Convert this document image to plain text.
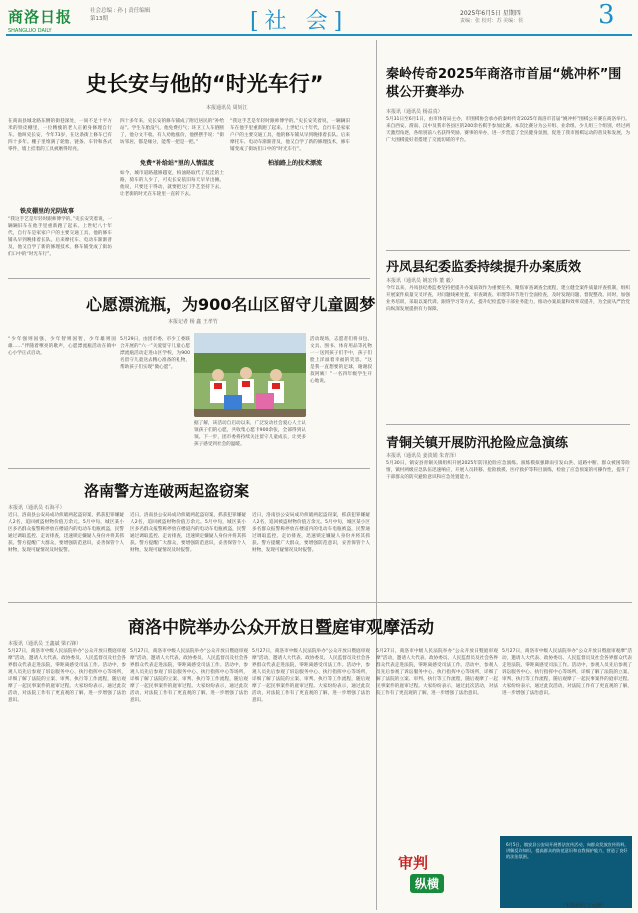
商洛日报
SHANGLUO DAILY
社会总编 : 孙 | 责任编辑
第13期	[社 会]	2025年6月5日 星期四
责编：张 校对：苏 美编：侯	3
史长安与他的“时光车行”
本报通讯员 周钊江
在商南县城北路东侧的街巷深处，一间不足十平方米的铁皮棚里，一位精瘦的老人正俯身修理自行车。他叫史长安，今年73岁，在这条街上修车已有四十多年。棚子里堆满了轮胎、链条、车铃和各式零件，墙上挂着的工具被磨得锃亮。
铁皮棚里的光阴故事
“我这手艺是年轻时跟师傅学的。”史长安笑着说，一辆辆旧车在他手里重新跑了起来。上世纪八十年代，自行车是家家户户的主要交通工具，他的修车铺从早到晚排着长队。后来摩托车、电动车渐渐普及，他又自学了新的修理技术，修车铺变成了街坊们口中的“时光车行”。
四十多年来，史长安的修车铺成了附近居民的“补给站”。学生车胎没气，他免费打气；环卫工人车链断了，他分文不收。有人劝他涨价，他摆摆手说：“街坊邻居，都是缘分，能帮一把是一把。”
免费“补给站”里的人情温度
如今，城市道路越修越宽，柏油路取代了坑洼的土路，骑车的人少了，可史长安依旧每天早早出摊。他说，只要还干得动，就要把这门手艺坚持下去，让老街的时光在车轮里一直转下去。
“我这手艺是年轻时跟师傅学的。”史长安笑着说，一辆辆旧车在他手里重新跑了起来。上世纪八十年代，自行车是家家户户的主要交通工具，他的修车铺从早到晚排着长队。后来摩托车、电动车渐渐普及，他又自学了新的修理技术，修车铺变成了街坊们口中的“时光车行”。
柏油路上的技术漂流
心愿漂流瓶，为900名山区留守儿童圆梦
本报记者 杨 鑫 王孝竹
“少年强则国强，少年智则国智，少年雄则国雄……”伴随着嘹亮的歌声，心愿漂流瓶活动在镇中心小学正式启动。
5月29日，由团市委、市少工委联合开展的“六一”关爱留守儿童心愿漂流瓶活动走进山区学校，为900名留守儿童送去精心准备的礼物，帮助孩子们实现“微心愿”。
活动现场，志愿者们将书包、文具、图书、体育用品等礼物一一送到孩子们手中，孩子们脸上洋溢着幸福的笑容。“这是我一直想要的足球，谢谢叔叔阿姨！”一名四年级学生开心地说。
据了解，该活动自启动以来，广泛发动社会爱心人士认领孩子们的心愿，共收集心愿卡900余张，全部得到认领。下一步，团市委将持续关注留守儿童成长，让更多孩子感受到社会的温暖。
洛南警方连破两起盗窃案
本报讯（通讯员 石海平）
近日，洛南县公安局成功侦破两起盗窃案，抓获犯罪嫌疑人2名，追回被盗财物价值万余元。5月中旬，城区某小区多名群众报警称停放在楼道内的电动车电瓶被盗，民警通过调取监控、走访排查，迅速锁定嫌疑人身份并将其抓获。警方提醒广大群众，要增强防范意识，妥善保管个人财物，发现可疑情况及时报警。
近日，洛南县公安局成功侦破两起盗窃案，抓获犯罪嫌疑人2名，追回被盗财物价值万余元。5月中旬，城区某小区多名群众报警称停放在楼道内的电动车电瓶被盗，民警通过调取监控、走访排查，迅速锁定嫌疑人身份并将其抓获。警方提醒广大群众，要增强防范意识，妥善保管个人财物，发现可疑情况及时报警。
近日，洛南县公安局成功侦破两起盗窃案，抓获犯罪嫌疑人2名，追回被盗财物价值万余元。5月中旬，城区某小区多名群众报警称停放在楼道内的电动车电瓶被盗，民警通过调取监控、走访排查，迅速锁定嫌疑人身份并将其抓获。警方提醒广大群众，要增强防范意识，妥善保管个人财物，发现可疑情况及时报警。
商洛中院举办公众开放日暨庭审观摩活动
本报讯（通讯员 王鑫斌 梁石锋）
5月27日，商洛市中级人民法院举办“公众开放日暨庭审观摩”活动，邀请人大代表、政协委员、人民监督员及社会各界群众代表走进法院，零距离感受司法工作。活动中，参观人员先后参观了诉讼服务中心、执行指挥中心等场所，详细了解了法院的立案、审判、执行等工作流程，随后观摩了一起民事案件的庭审过程。大家纷纷表示，通过此次活动，对法院工作有了更直观的了解，进一步增强了法治意识。
5月27日，商洛市中级人民法院举办“公众开放日暨庭审观摩”活动，邀请人大代表、政协委员、人民监督员及社会各界群众代表走进法院，零距离感受司法工作。活动中，参观人员先后参观了诉讼服务中心、执行指挥中心等场所，详细了解了法院的立案、审判、执行等工作流程，随后观摩了一起民事案件的庭审过程。大家纷纷表示，通过此次活动，对法院工作有了更直观的了解，进一步增强了法治意识。
5月27日，商洛市中级人民法院举办“公众开放日暨庭审观摩”活动，邀请人大代表、政协委员、人民监督员及社会各界群众代表走进法院，零距离感受司法工作。活动中，参观人员先后参观了诉讼服务中心、执行指挥中心等场所，详细了解了法院的立案、审判、执行等工作流程，随后观摩了一起民事案件的庭审过程。大家纷纷表示，通过此次活动，对法院工作有了更直观的了解，进一步增强了法治意识。
5月27日，商洛市中级人民法院举办“公众开放日暨庭审观摩”活动，邀请人大代表、政协委员、人民监督员及社会各界群众代表走进法院，零距离感受司法工作。活动中，参观人员先后参观了诉讼服务中心、执行指挥中心等场所，详细了解了法院的立案、审判、执行等工作流程，随后观摩了一起民事案件的庭审过程。大家纷纷表示，通过此次活动，对法院工作有了更直观的了解，进一步增强了法治意识。
秦岭传奇2025年商洛市首届“姚冲杯”围棋公开赛举办
本报讯（通讯员 杨益真）
5月31日至6月1日，由市体育局主办，市围棋协会承办的秦岭传奇2025年商洛市首届“姚冲杯”围棋公开赛在商洛举行。来自西安、渭南、汉中及我市各县区的200余名棋手参加比赛。本次比赛分为公开组、业余组、少儿组三个组别，经过两天激烈角逐，各组别前八名获得奖励。赛事的举办，进一步营造了全民健身氛围，促进了我市围棋运动的普及和发展，为广大围棋爱好者搭建了交流切磋的平台。
丹凤县纪委监委持续提升办案质效
本报讯（通讯员 姚宏伟 董 毅）
今年以来，丹凤县纪委监委坚持把提升办案质效作为重要任务，聚焦审查调查全流程，建立健全案件质量评查机制，组织开展案件质量交叉评查，对问题线索处置、审查调查、审理等环节进行全面检查，及时发现问题、督促整改。同时，加强业务培训，采取以案代训、跟班学习等方式，提升纪检监察干部业务能力，推动办案质量和效率双提升，为全面从严治党向纵深发展提供有力保障。
青铜关镇开展防汛抢险应急演练
本报讯（通讯员 姜淡娟 朱青泽）
5月30日，镇安县青铜关镇组织开展2025年防汛抢险应急演练。演练模拟强降雨引发山洪、道路中断、群众被困等险情，镇村两级应急队伍迅速响应，开展人员转移、抢险救援、医疗救护等科目演练，检验了应急预案的可操作性，提升了干部群众的防灾避险意识和应急处置能力。
5月27日，商洛市中级人民法院举办“公众开放日暨庭审观摩”活动，邀请人大代表、政协委员、人民监督员及社会各界群众代表走进法院，零距离感受司法工作。活动中，参观人员先后参观了诉讼服务中心、执行指挥中心等场所，详细了解了法院的立案、审判、执行等工作流程，随后观摩了一起民事案件的庭审过程。大家纷纷表示，通过此次活动，对法院工作有了更直观的了解，进一步增强了法治意识。
审判
纵横
6月5日，镇安县公安局开展普法宣传活动，向群众发放宣传资料，讲解反诈知识，提高群众的防范意识和自我保护能力，营造了良好的法治氛围。
（本版组织 宁远颜）
